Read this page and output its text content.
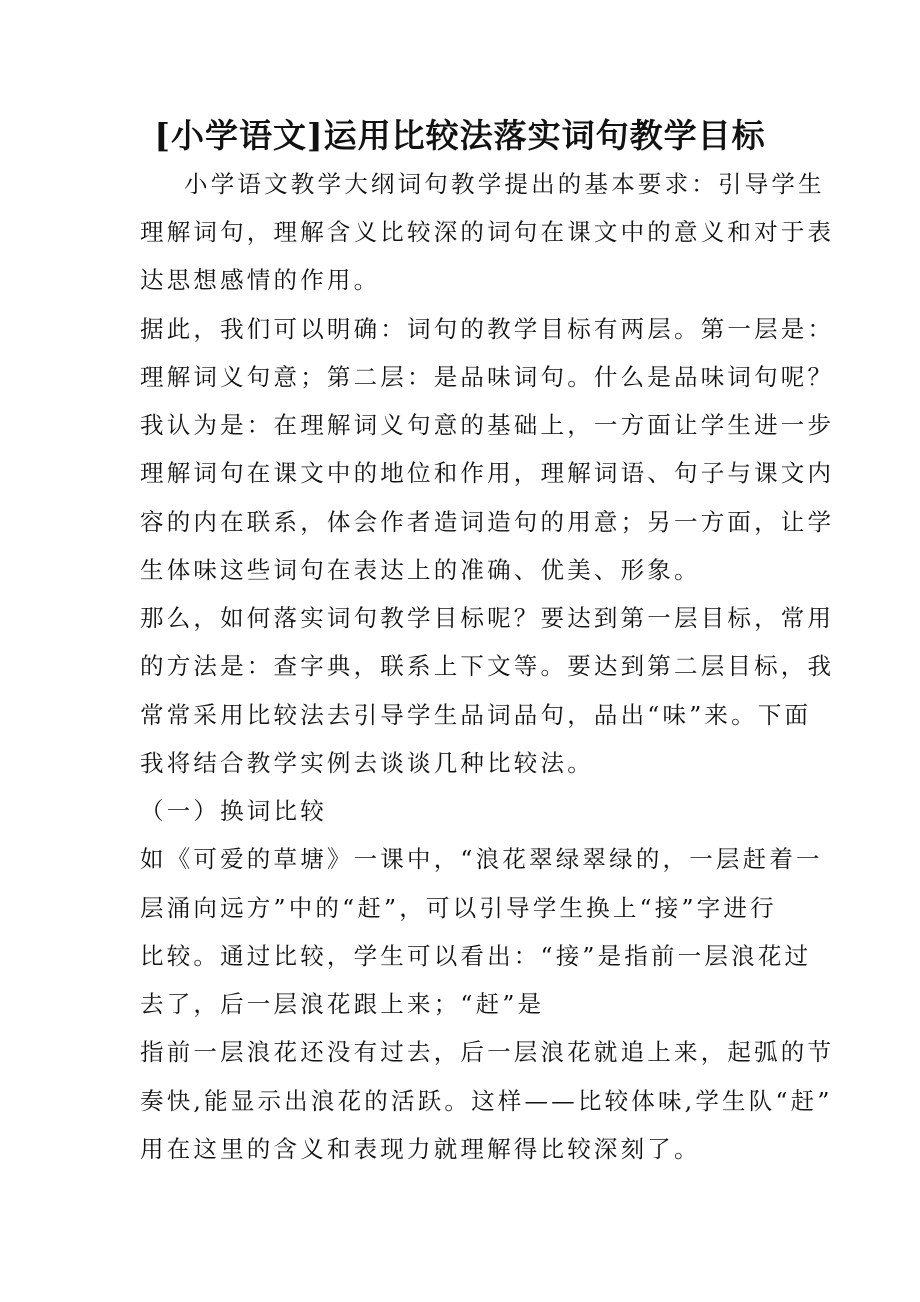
[小学语文]运用比较法落实词句教学目标

小学语文教学大纲词句教学提出的基本要求：引导学生

理解词句，理解含义比较深的词句在课文中的意义和对于表

达思想感情的作用。

据此，我们可以明确：词句的教学目标有两层。第一层是：

理解词义句意；第二层：是品味词句。什么是品味词句呢？

我认为是：在理解词义句意的基础上，一方面让学生进一步

理解词句在课文中的地位和作用，理解词语、句子与课文内

容的内在联系，体会作者造词造句的用意；另一方面，让学

生体味这些词句在表达上的准确、优美、形象。

那么，如何落实词句教学目标呢？要达到第一层目标，常用

的方法是：查字典，联系上下文等。要达到第二层目标，我

常常采用比较法去引导学生品词品句，品出“味”来。下面

我将结合教学实例去谈谈几种比较法。

（一）换词比较

如《可爱的草塘》一课中，“浪花翠绿翠绿的，一层赶着一

层涌向远方”中的“赶”，可以引导学生换上“接”字进行

比较。通过比较，学生可以看出：“接”是指前一层浪花过

去了，后一层浪花跟上来；“赶”是

指前一层浪花还没有过去，后一层浪花就追上来，起弧的节

奏快,能显示出浪花的活跃。这样——比较体味,学生队“赶”

用在这里的含义和表现力就理解得比较深刻了。
